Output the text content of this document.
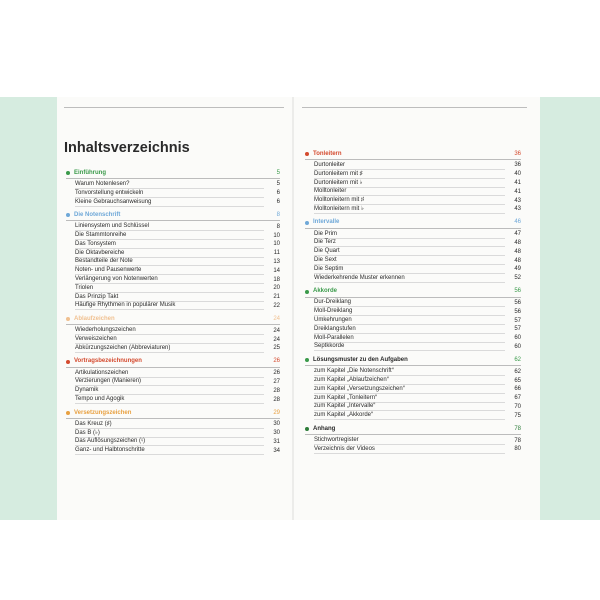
Inhaltsverzeichnis
Einführung	5
Warum Notenlesen?	5
Tonvorstellung entwickeln	6
Kleine Gebrauchsanweisung	6
Die Notenschrift	8
Liniensystem und Schlüssel	8
Die Stammtonreihe	10
Das Tonsystem	10
Die Oktavbereiche	11
Bestandteile der Note	13
Noten- und Pausenwerte	14
Verlängerung von Notenwerten	18
Triolen	20
Das Prinzip Takt	21
Häufige Rhythmen in populärer Musik	22
Ablaufzeichen	24
Wiederholungszeichen	24
Verweiszeichen	24
Abkürzungszeichen (Abbreviaturen)	25
Vortragsbezeichnungen	26
Artikulationszeichen	26
Verzierungen (Manieren)	27
Dynamik	28
Tempo und Agogik	28
Versetzungszeichen	29
Das Kreuz (♯)	30
Das B (♭)	30
Das Auflösungszeichen (♮)	31
Ganz- und Halbtonschritte	34
Tonleitern	36
Durtonleiter	36
Durtonleitern mit ♯	40
Durtonleitern mit ♭	41
Molltonleiter	41
Molltonleitern mit ♯	43
Molltonleitern mit ♭	43
Intervalle	46
Die Prim	47
Die Terz	48
Die Quart	48
Die Sext	48
Die Septim	49
Wiederkehrende Muster erkennen	52
Akkorde	56
Dur-Dreiklang	56
Moll-Dreiklang	56
Umkehrungen	57
Dreiklangstufen	57
Moll-Parallelen	60
Septkkorde	60
Lösungsmuster zu den Aufgaben	62
zum Kapitel „Die Notenschrift“	62
zum Kapitel „Ablaufzeichen“	65
zum Kapitel „Versetzungszeichen“	66
zum Kapitel „Tonleitern“	67
zum Kapitel „Intervalle“	70
zum Kapitel „Akkorde“	75
Anhang	78
Stichwortregister	78
Verzeichnis der Videos	80
